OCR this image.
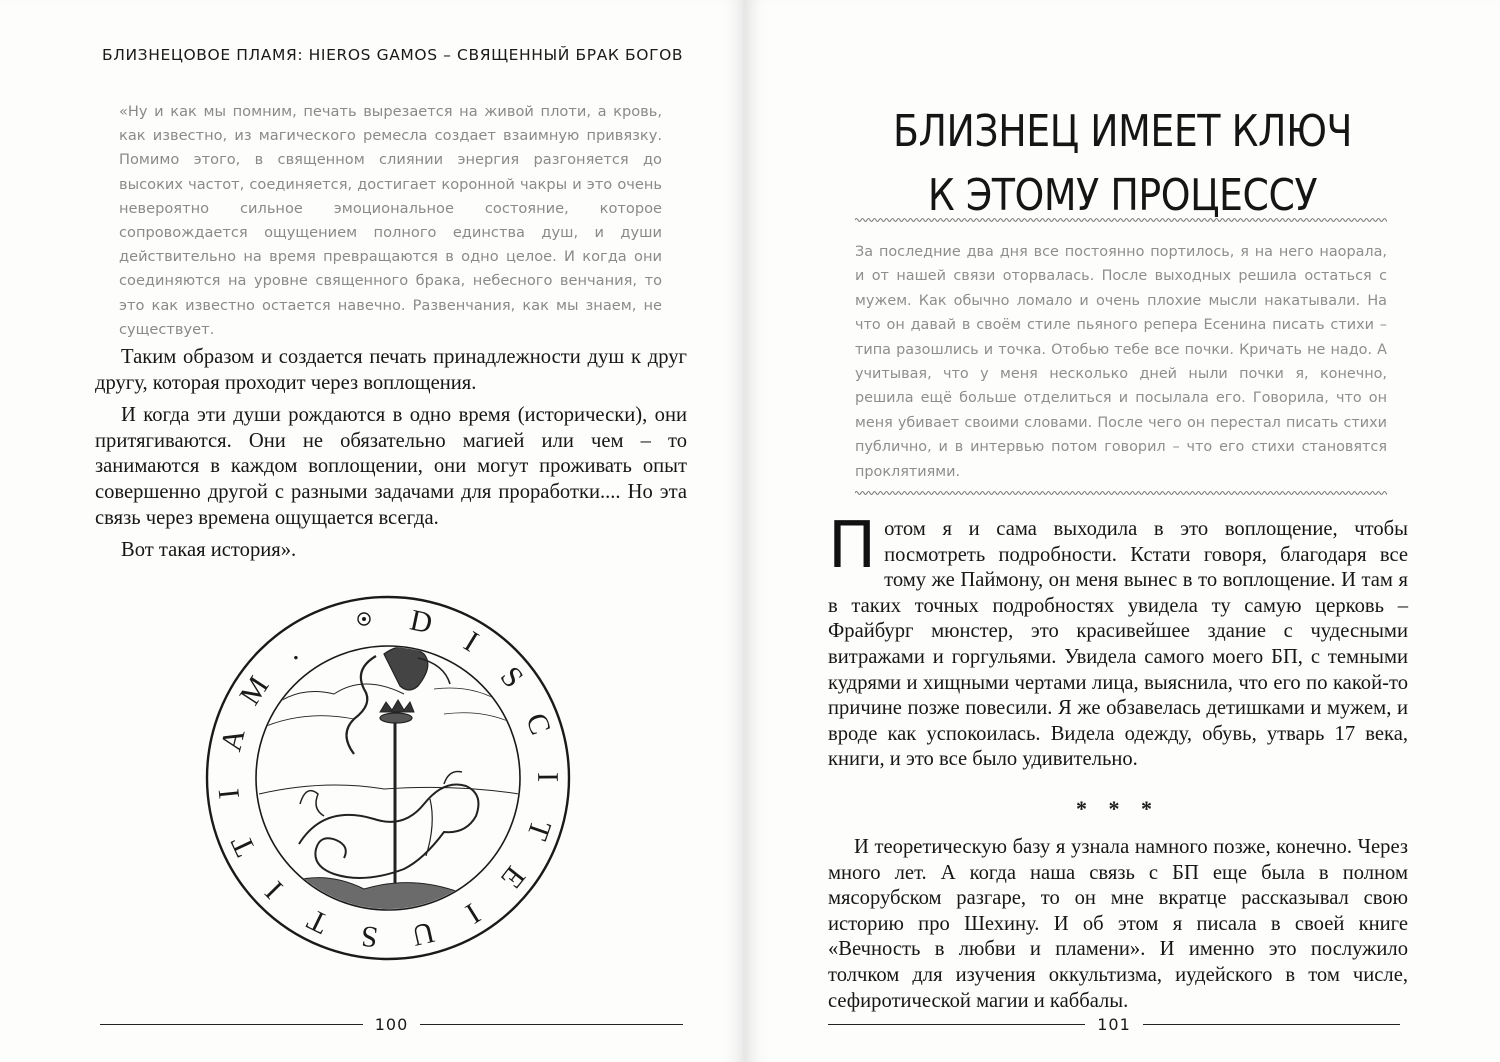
БЛИЗНЕЦОВОЕ ПЛАМЯ: HIEROS GAMOS – СВЯЩЕННЫЙ БРАК БОГОВ
«Ну и как мы помним, печать вырезается на живой плоти, а кровь, как известно, из магического ремесла создает взаимную привязку. Помимо этого, в священном слиянии энергия разгоняется до высоких частот, соединяется, достигает коронной чакры и это очень невероятно сильное эмоциональное состояние, которое сопровождается ощущением полного единства душ, и души действительно на время превращаются в одно целое. И когда они соединяются на уровне священного брака, небесного венчания, то это как известно остается навечно. Развенчания, как мы знаем, не существует.

Таким образом и создается печать принадлежности душ к друг другу, которая проходит через воплощения.

И когда эти души рождаются в одно время (исторически), они притягиваются. Они не обязательно магией или чем – то занимаются в каждом воплощении, они могут проживать опыт совершенно другой с разными задачами для проработки.... Но эта связь через времена ощущается всегда.

Вот такая история».

D
I
S
C
I
T
E
I
U
S
T
I
T
I
A
M
.
100
БЛИЗНЕЦ ИМЕЕТ КЛЮЧ
К ЭТОМУ ПРОЦЕССУ
За последние два дня все постоянно портилось, я на него наорала, и от нашей связи оторвалась. После выходных решила остаться с мужем. Как обычно ломало и очень плохие мысли накатывали. На что он давай в своём стиле пьяного репера Есенина писать стихи – типа разошлись и точка. Отобью тебе все почки. Кричать не надо. А учитывая, что у меня несколько дней ныли почки я, конечно, решила ещё больше отделиться и посылала его. Говорила, что он меня убивает своими словами. После чего он перестал писать стихи публично, и в интервью потом говорил – что его стихи становятся проклятиями.

Потом я и сама выходила в это воплощение, чтобы посмотреть подробности. Кстати говоря, благодаря все тому же Паймону, он меня вынес в то воплощение. И там я в таких точных подробностях увидела ту самую церковь – Фрайбург мюнстер, это красивейшее здание с чудесными витражами и горгульями. Увидела самого моего БП, с темными кудрями и хищными чертами лица, выяснила, что его по какой-то причине позже повесили. Я же обзавелась детишками и мужем, и вроде как успокоилась. Видела одежду, обувь, утварь 17 века, книги, и это все было удивительно.

* * *

И теоретическую базу я узнала намного позже, конечно. Через много лет. А когда наша связь с БП еще была в полном мясорубском разгаре, то он мне вкратце рассказывал свою историю про Шехину. И об этом я писала в своей книге «Вечность в любви и пламени». И именно это послужило толчком для изучения оккультизма, иудейского в том числе, сефиротической магии и каббалы.

101
